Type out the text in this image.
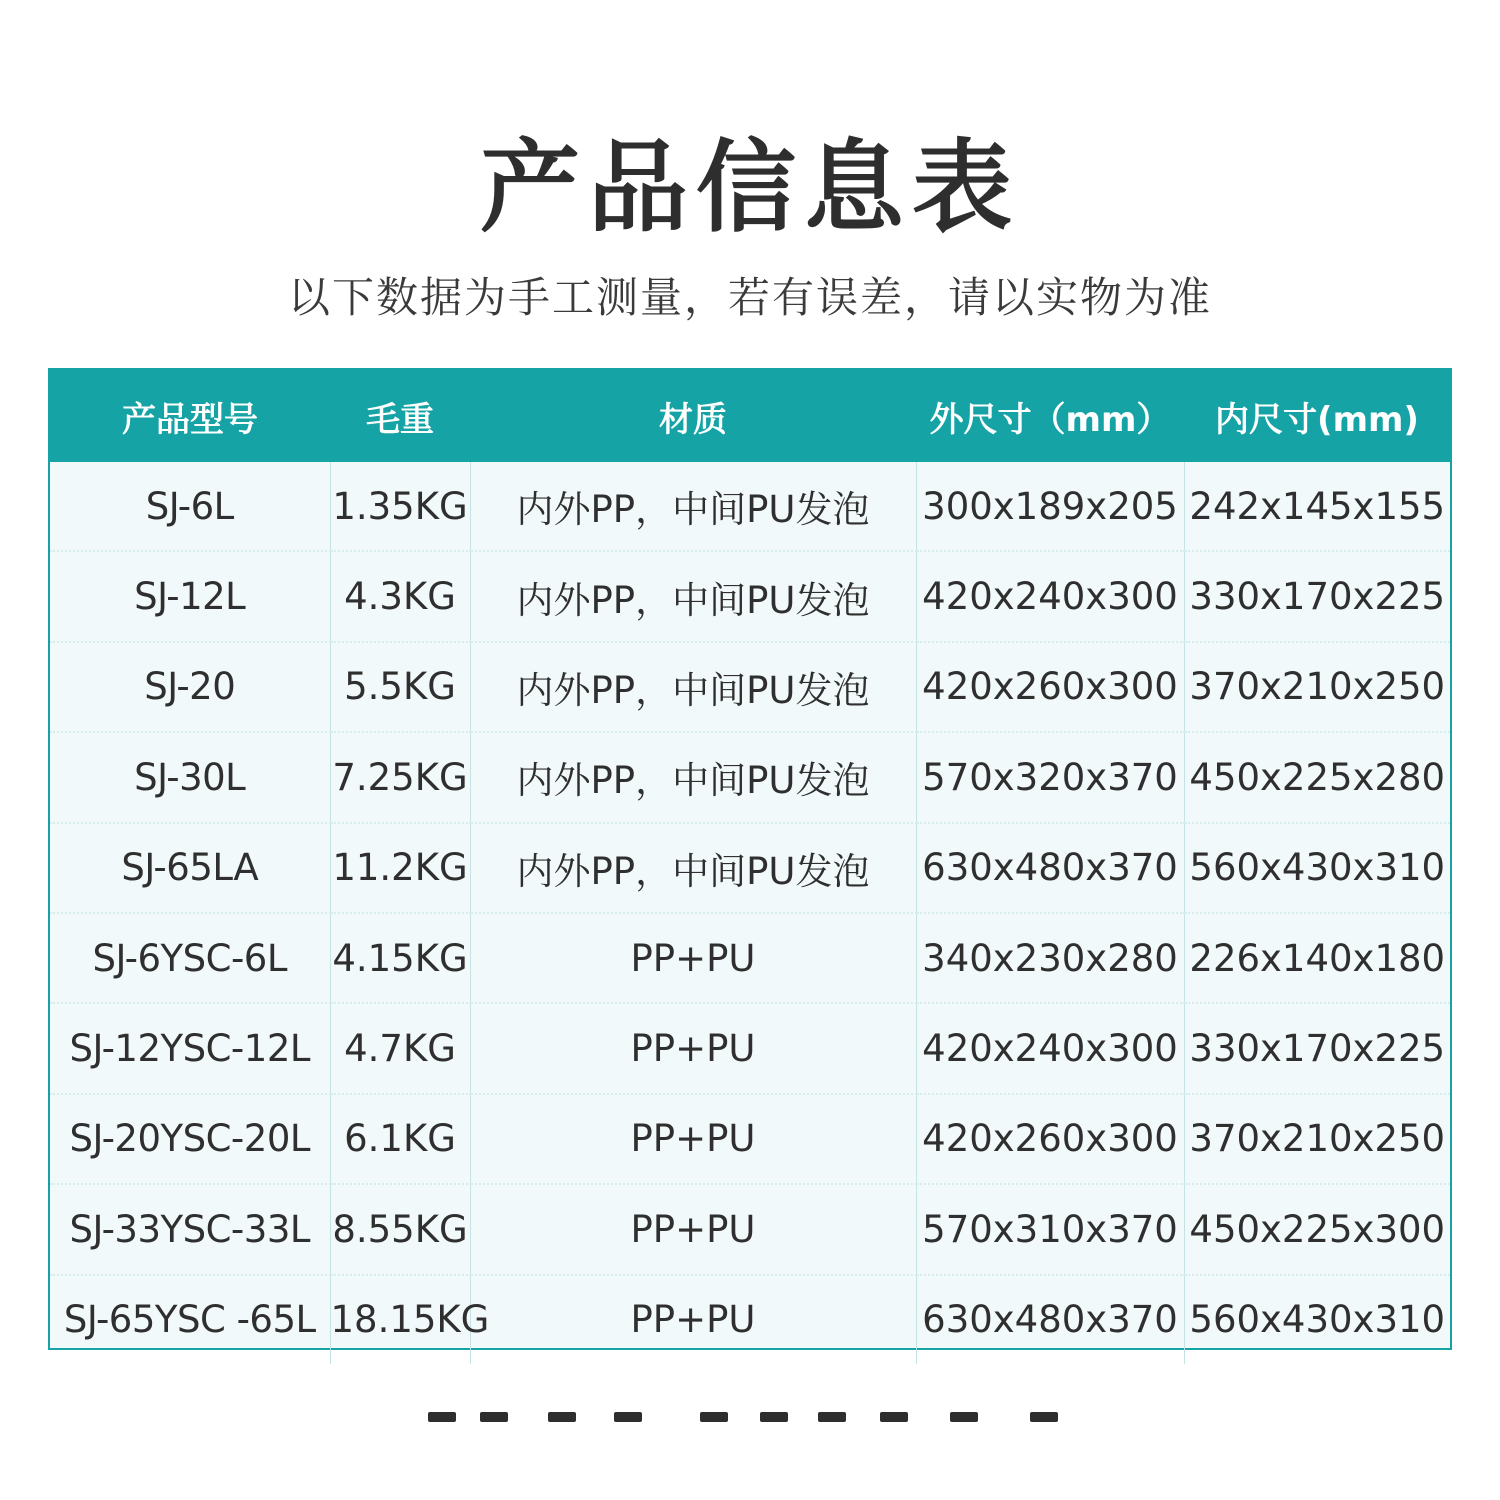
产品信息表
以下数据为手工测量，若有误差，请以实物为准
产品型号	毛重	材质	外尺寸（mm）	内尺寸(mm)
SJ-6L	1.35KG	内外PP，中间PU发泡	300x189x205	242x145x155
SJ-12L	4.3KG	内外PP，中间PU发泡	420x240x300	330x170x225
SJ-20	5.5KG	内外PP，中间PU发泡	420x260x300	370x210x250
SJ-30L	7.25KG	内外PP，中间PU发泡	570x320x370	450x225x280
SJ-65LA	11.2KG	内外PP，中间PU发泡	630x480x370	560x430x310
SJ-6YSC-6L	4.15KG	PP+PU	340x230x280	226x140x180
SJ-12YSC-12L	4.7KG	PP+PU	420x240x300	330x170x225
SJ-20YSC-20L	6.1KG	PP+PU	420x260x300	370x210x250
SJ-33YSC-33L	8.55KG	PP+PU	570x310x370	450x225x300
SJ-65YSC -65L	18.15KG	PP+PU	630x480x370	560x430x310
